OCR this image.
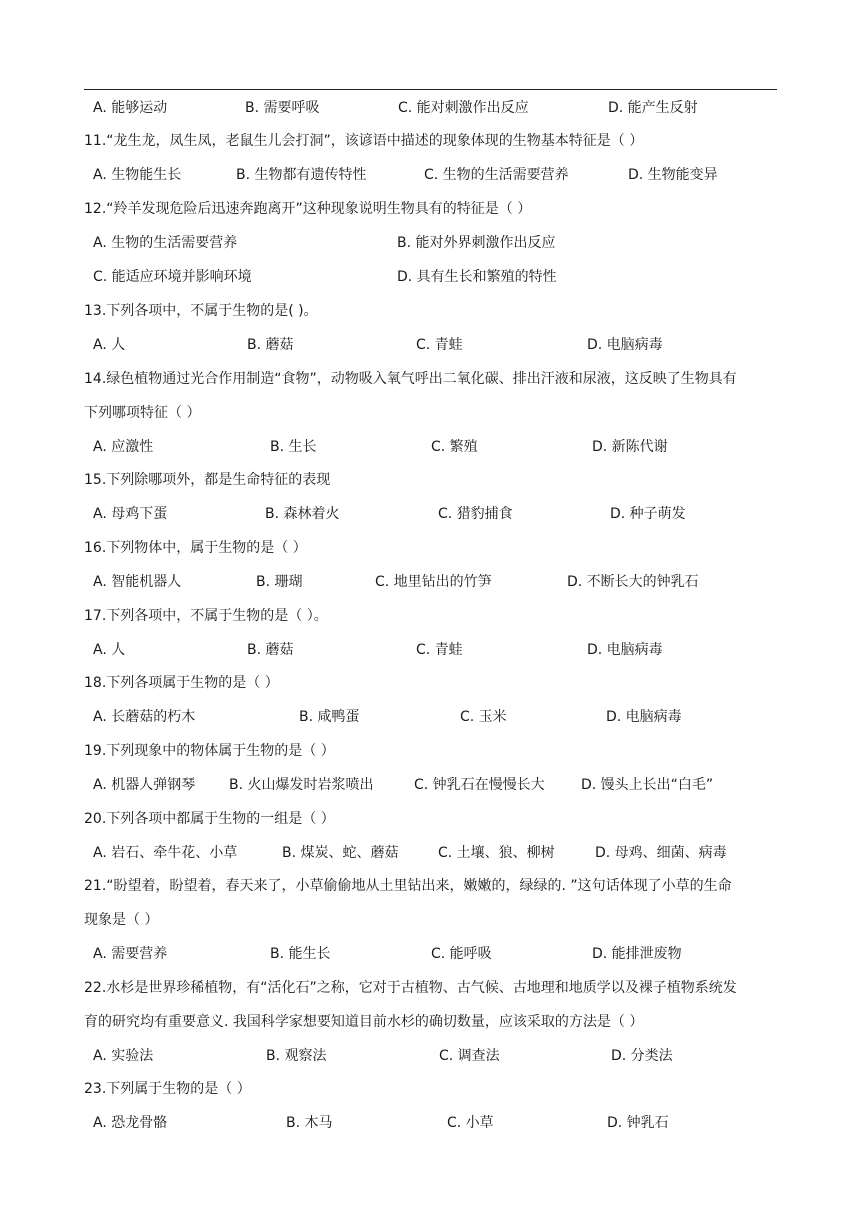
A. 能够运动	B. 需要呼吸	C. 能对刺激作出反应	D. 能产生反射
11.“龙生龙，凤生凤，老鼠生儿会打洞”，该谚语中描述的现象体现的生物基本特征是（ ）
A. 生物能生长	B. 生物都有遗传特性	C. 生物的生活需要营养	D. 生物能变异
12.“羚羊发现危险后迅速奔跑离开”这种现象说明生物具有的特征是（ ）
A. 生物的生活需要营养	B. 能对外界刺激作出反应
C. 能适应环境并影响环境	D. 具有生长和繁殖的特性
13.下列各项中，不属于生物的是( )。
A. 人	B. 蘑菇	C. 青蛙	D. 电脑病毒
14.绿色植物通过光合作用制造“食物”，动物吸入氧气呼出二氧化碳、排出汗液和尿液，这反映了生物具有
下列哪项特征（ ）
A. 应激性	B. 生长	C. 繁殖	D. 新陈代谢
15.下列除哪项外，都是生命特征的表现
A. 母鸡下蛋	B. 森林着火	C. 猎豹捕食	D. 种子萌发
16.下列物体中，属于生物的是（ ）
A. 智能机器人	B. 珊瑚	C. 地里钻出的竹笋	D. 不断长大的钟乳石
17.下列各项中，不属于生物的是（ ）。
A. 人	B. 蘑菇	C. 青蛙	D. 电脑病毒
18.下列各项属于生物的是（ ）
A. 长蘑菇的朽木	B. 咸鸭蛋	C. 玉米	D. 电脑病毒
19.下列现象中的物体属于生物的是（ ）
A. 机器人弹钢琴 B. 火山爆发时岩浆喷出	C. 钟乳石在慢慢长大	D. 馒头上长出“白毛”
20.下列各项中都属于生物的一组是（ ）
A. 岩石、牵牛花、小草	B. 煤炭、蛇、蘑菇	C. 土壤、狼、柳树	D. 母鸡、细菌、病毒
21.“盼望着，盼望着，春天来了，小草偷偷地从土里钻出来，嫩嫩的，绿绿的. ”这句话体现了小草的生命
现象是（ ）
A. 需要营养	B. 能生长	C. 能呼吸	D. 能排泄废物
22.水杉是世界珍稀植物，有“活化石”之称，它对于古植物、古气候、古地理和地质学以及裸子植物系统发
育的研究均有重要意义. 我国科学家想要知道目前水杉的确切数量，应该采取的方法是（ ）
A. 实验法	B. 观察法	C. 调查法	D. 分类法
23.下列属于生物的是（ ）
A. 恐龙骨骼	B. 木马	C. 小草	D. 钟乳石
